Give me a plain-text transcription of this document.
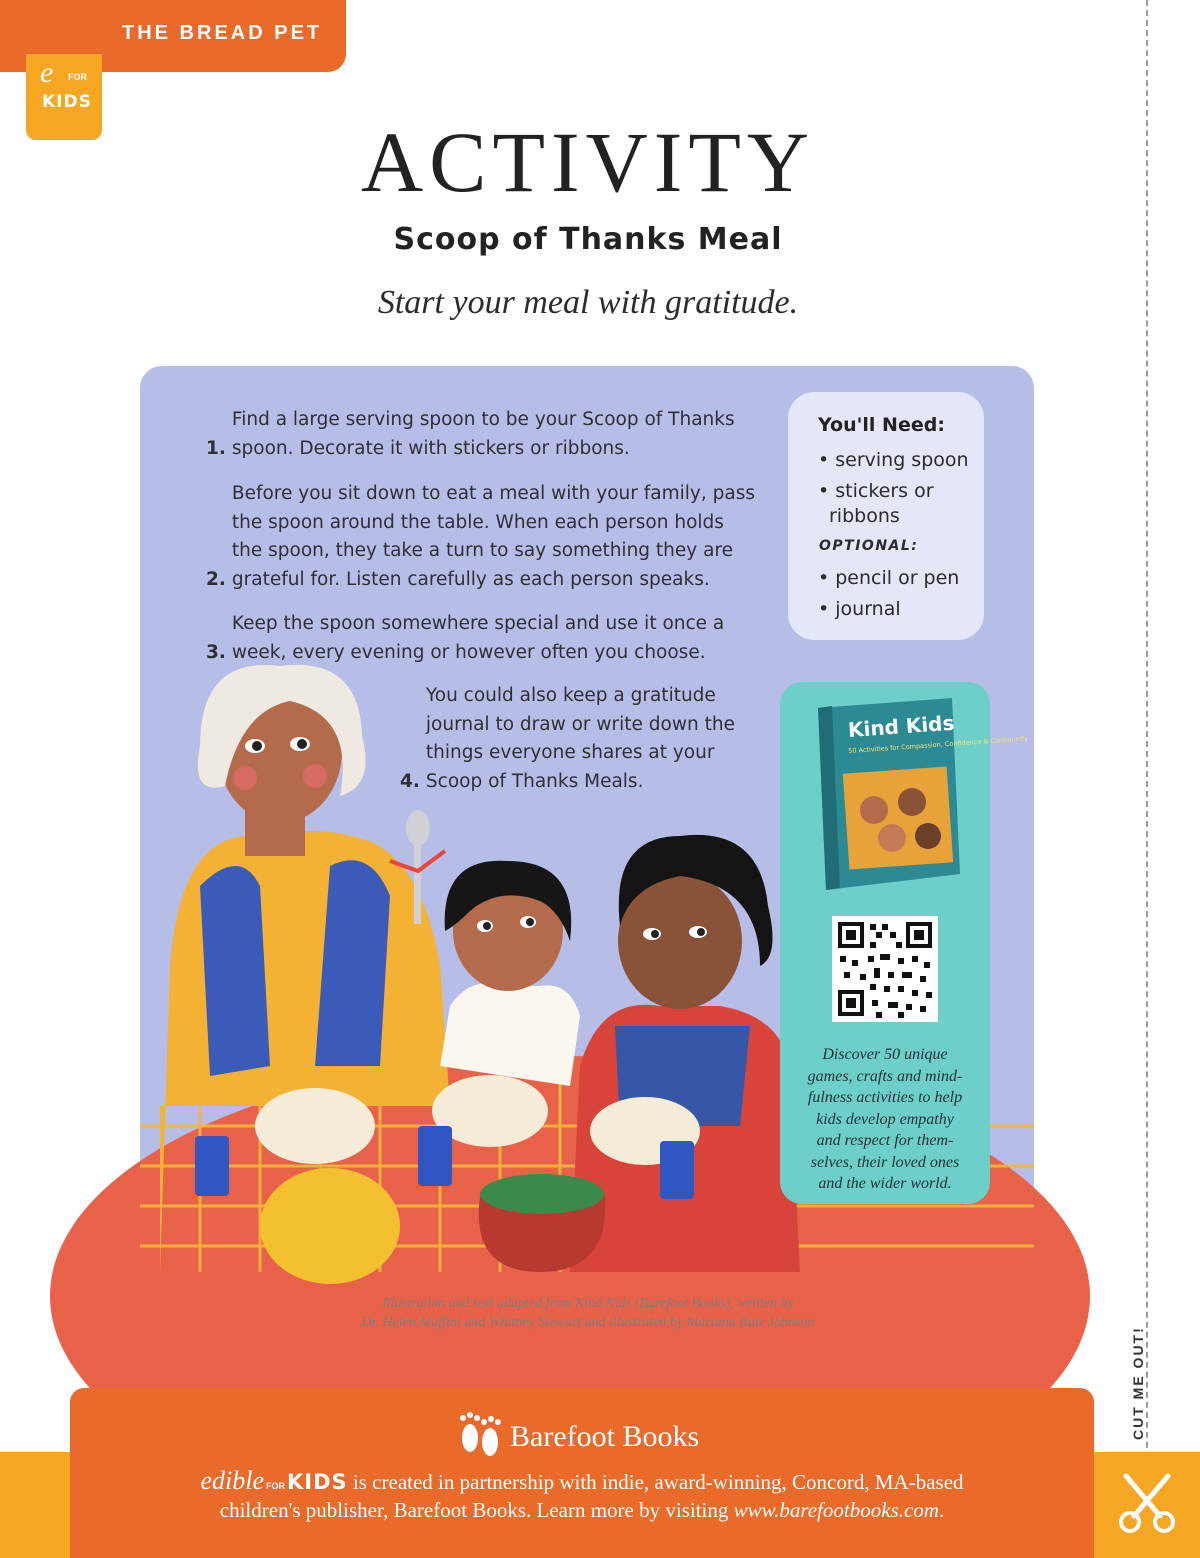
THE BREAD PET
e FOR
KIDS
CUT ME OUT!
ACTIVITY
Scoop of Thanks Meal
Start your meal with gratitude.
1.Find a large serving spoon to be your Scoop of Thanks
spoon. Decorate it with stickers or ribbons.
2.Before you sit down to eat a meal with your family, pass
the spoon around the table. When each person holds
the spoon, they take a turn to say something they are
grateful for. Listen carefully as each person speaks.
3.Keep the spoon somewhere special and use it once a
week, every evening or however often you choose.
4.You could also keep a gratitude
journal to draw or write down the
things everyone shares at your
Scoop of Thanks Meals.
You'll Need:
• serving spoon
• stickers or
ribbons
OPTIONAL:
• pencil or pen
• journal
Kind Kids
50 Activities for Compassion, Confidence & Community
Discover 50 unique
games, crafts and mind-
fulness activities to help
kids develop empathy
and respect for them-
selves, their loved ones
and the wider world.
Illustration and text adapted from Kind Kids (Barefoot Books), written by
Dr. Helen Maffini and Whitney Stewart and illustrated by Mariana Ruiz Johnson
Barefoot Books
edible FORKIDS is created in partnership with indie, award-winning, Concord, MA-based
children's publisher, Barefoot Books. Learn more by visiting www.barefootbooks.com.
